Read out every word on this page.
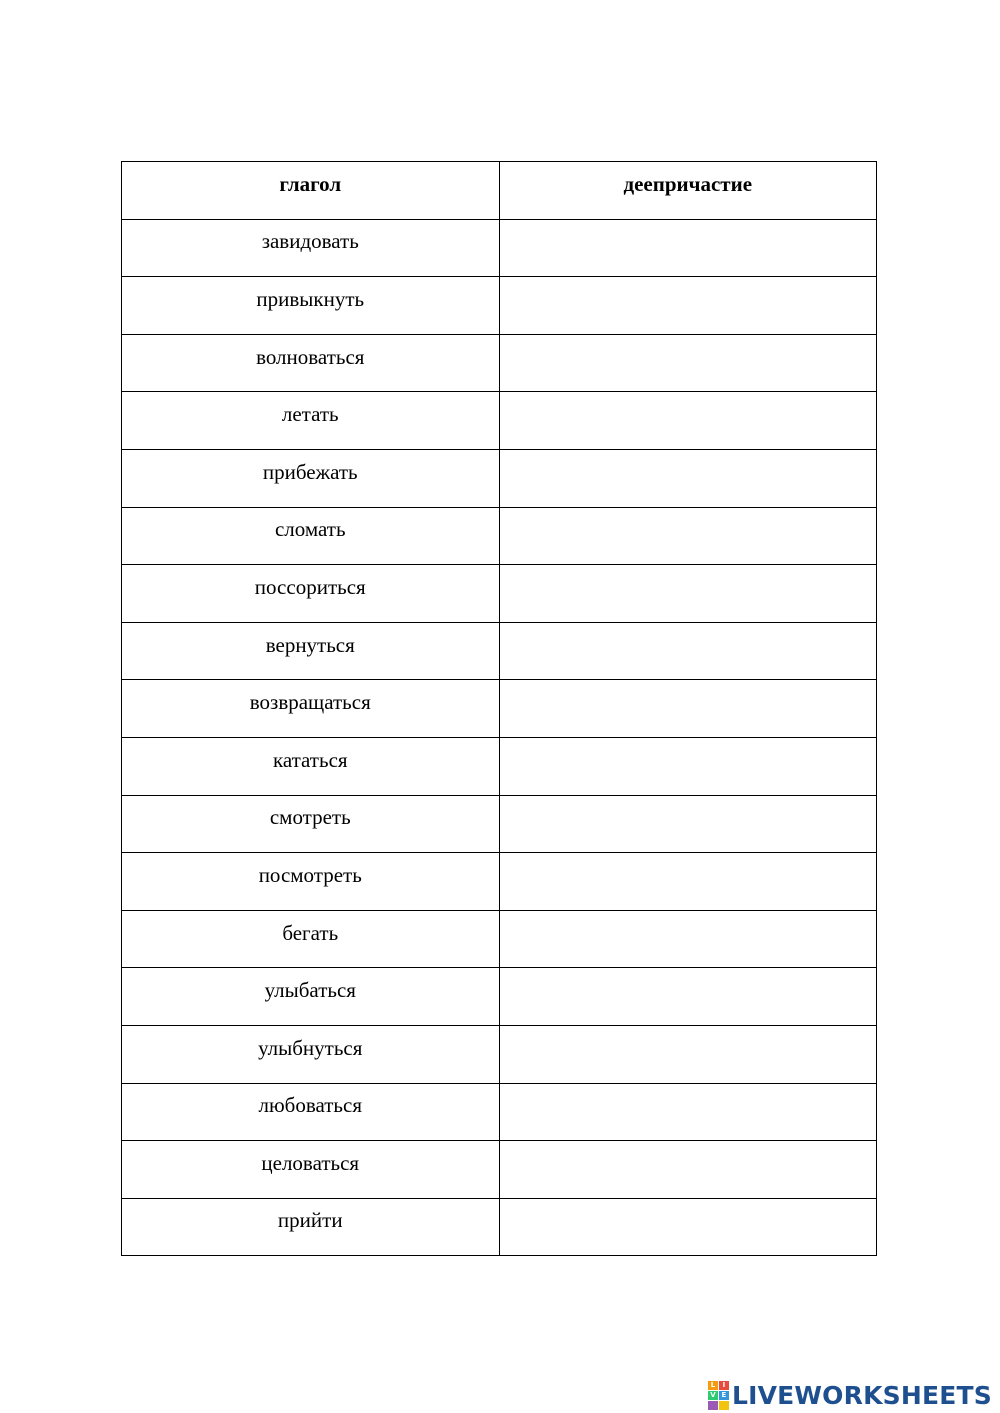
глагол	деепричастие
завидовать	
привыкнуть	
волноваться	
летать	
прибежать	
сломать	
поссориться	
вернуться	
возвращаться	
кататься	
смотреть	
посмотреть	
бегать	
улыбаться	
улыбнуться	
любоваться	
целоваться	
прийти	
L	I
V E LIVEWORKSHEETS
